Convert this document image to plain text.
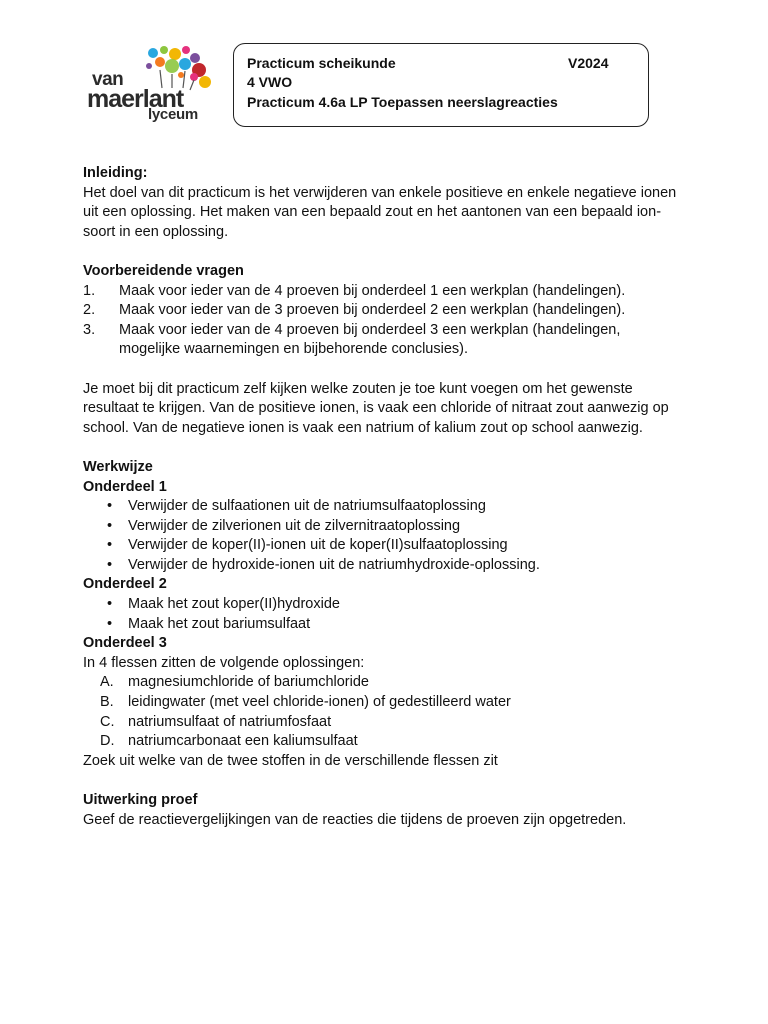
van
maerlant
lyceum
Practicum scheikunde	V2024
4 VWO
Practicum 4.6a LP Toepassen neerslagreacties

Inleiding:

Het doel van dit practicum is het verwijderen van enkele positieve en enkele negatieve ionen uit een oplossing. Het maken van een bepaald zout en het aantonen van een bepaald ion-soort in een oplossing.

Voorbereidende vragen

1. Maak voor ieder van de 4 proeven bij onderdeel 1 een werkplan (handelingen).
2. Maak voor ieder van de 3 proeven bij onderdeel 2 een werkplan (handelingen).
3. Maak voor ieder van de 4 proeven bij onderdeel 3 een werkplan (handelingen, mogelijke waarnemingen en bijbehorende conclusies).

Je moet bij dit practicum zelf kijken welke zouten je toe kunt voegen om het gewenste resultaat te krijgen. Van de positieve ionen, is vaak een chloride of nitraat zout aanwezig op school. Van de negatieve ionen is vaak een natrium of kalium zout op school aanwezig.

Werkwijze

Onderdeel 1

• Verwijder de sulfaationen uit de natriumsulfaatoplossing
• Verwijder de zilverionen uit de zilvernitraatoplossing
• Verwijder de koper(II)-ionen uit de koper(II)sulfaatoplossing
• Verwijder de hydroxide-ionen uit de natriumhydroxide-oplossing.

Onderdeel 2

• Maak het zout koper(II)hydroxide
• Maak het zout bariumsulfaat

Onderdeel 3

In 4 flessen zitten de volgende oplossingen:

A. magnesiumchloride of bariumchloride
B. leidingwater (met veel chloride-ionen) of gedestilleerd water
C. natriumsulfaat of natriumfosfaat
D. natriumcarbonaat een kaliumsulfaat

Zoek uit welke van de twee stoffen in de verschillende flessen zit

Uitwerking proef

Geef de reactievergelijkingen van de reacties die tijdens de proeven zijn opgetreden.
